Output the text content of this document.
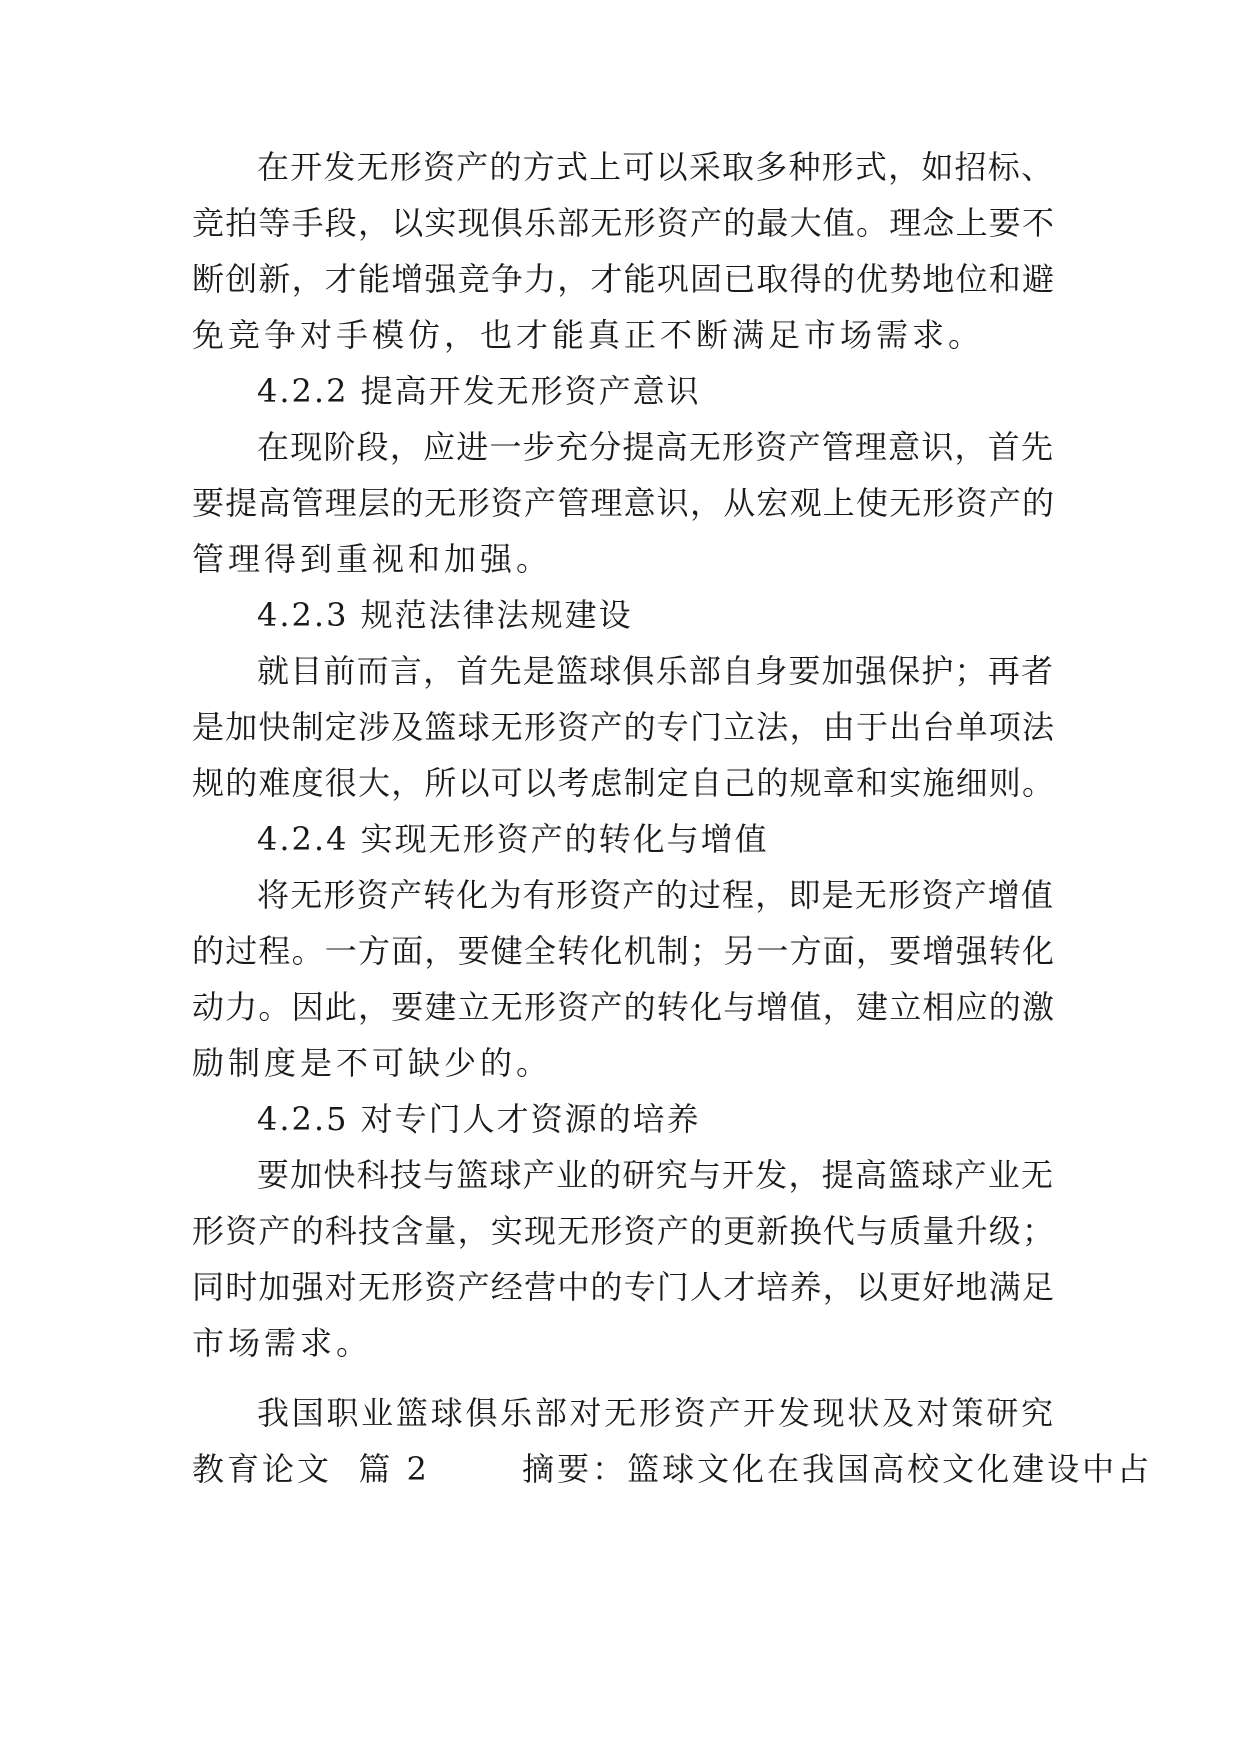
在开发无形资产的方式上可以采取多种形式，如招标、
竞拍等手段，以实现俱乐部无形资产的最大值。理念上要不
断创新，才能增强竞争力，才能巩固已取得的优势地位和避
免竞争对手模仿，也才能真正不断满足市场需求。
4.2.2 提高开发无形资产意识
在现阶段，应进一步充分提高无形资产管理意识，首先
要提高管理层的无形资产管理意识，从宏观上使无形资产的
管理得到重视和加强。
4.2.3 规范法律法规建设
就目前而言，首先是篮球俱乐部自身要加强保护；再者
是加快制定涉及篮球无形资产的专门立法，由于出台单项法
规的难度很大，所以可以考虑制定自己的规章和实施细则。
4.2.4 实现无形资产的转化与增值
将无形资产转化为有形资产的过程，即是无形资产增值
的过程。一方面，要健全转化机制；另一方面，要增强转化
动力。因此，要建立无形资产的转化与增值，建立相应的激
励制度是不可缺少的。
4.2.5 对专门人才资源的培养
要加快科技与篮球产业的研究与开发，提高篮球产业无
形资产的科技含量，实现无形资产的更新换代与质量升级；
同时加强对无形资产经营中的专门人才培养，以更好地满足
市场需求。
我国职业篮球俱乐部对无形资产开发现状及对策研究
教育论文  篇 2       摘要：篮球文化在我国高校文化建设中占
